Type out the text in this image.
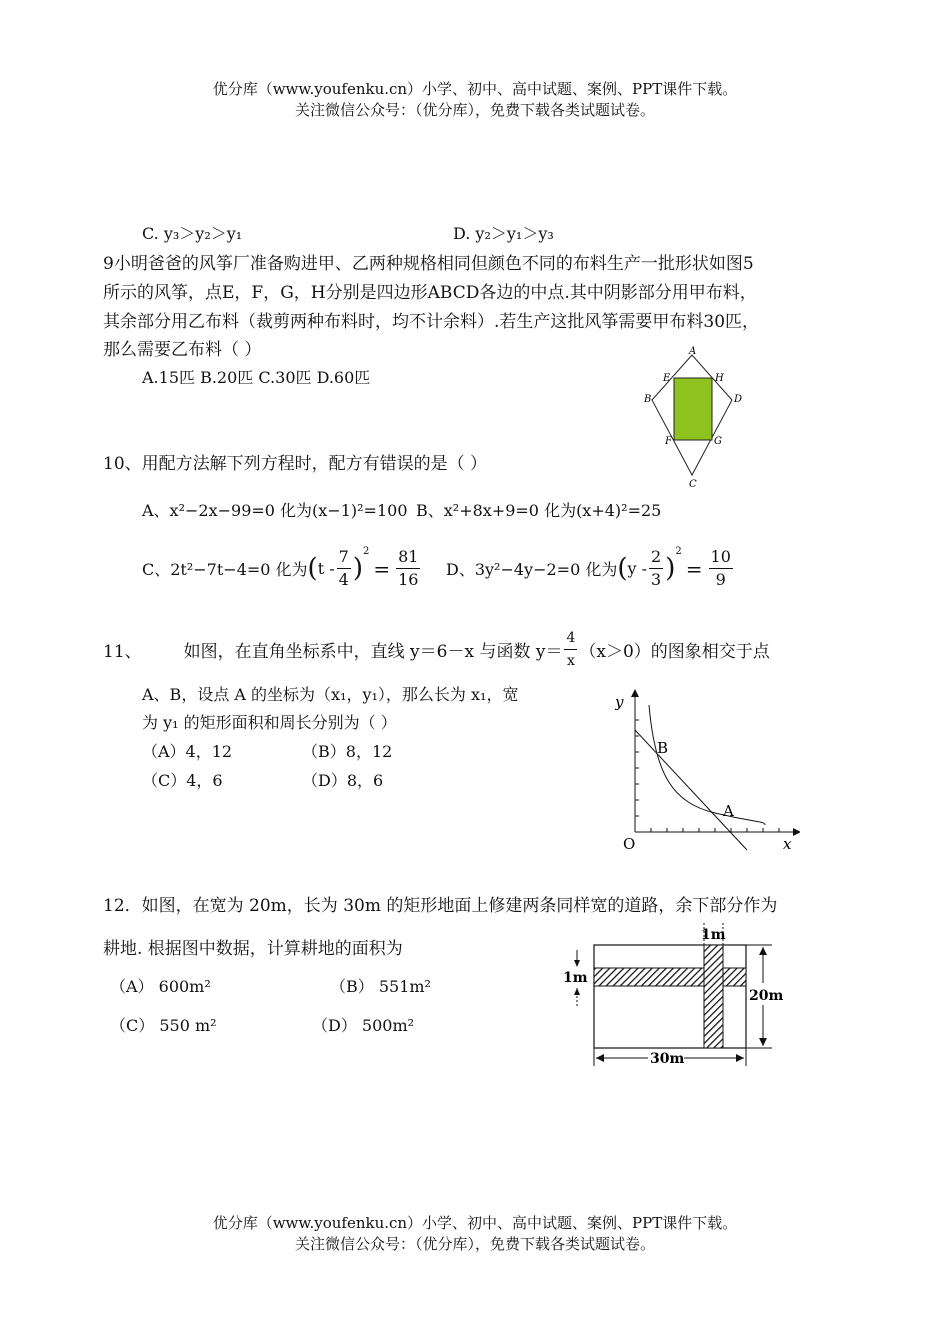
优分库（www.youfenku.cn）小学、初中、高中试题、案例、PPT课件下载。
关注微信公众号：（优分库），免费下载各类试题试卷。
C. y₃＞y₂＞y₁	D. y₂＞y₁＞y₃
9小明爸爸的风筝厂准备购进甲、乙两种规格相同但颜色不同的布料生产一批形状如图5
所示的风筝，点E，F，G，H分别是四边形ABCD各边的中点.其中阴影部分用甲布料，
其余部分用乙布料（裁剪两种布料时，均不计余料）.若生产这批风筝需要甲布料30匹，
那么需要乙布料（ ）
A.15匹 B.20匹 C.30匹 D.60匹
A
E	H
B	D
F	G
C
10、用配方法解下列方程时，配方有错误的是（ ）
A、x²−2x−99=0 化为(x−1)²=100 B、x²+8x+9=0 化为(x+4)²=25
C、2t²−7t−4=0 化为$(t - \frac{7}{4} )^2= \frac{81}{16}$ D、3y²−4y−2=0 化为$(y - \frac{2}{3} )^2= \frac{10}{9}$
11、 如图，在直角坐标系中，直线 y＝6－x 与函数 $y= \frac{4}{x} (x>0)$的图象相交于点
A、B，设点 A 的坐标为（x₁，y₁），那么长为 x₁，宽
为 y₁ 的矩形面积和周长分别为（ ）
（A）4，12	（B）8，12
（C）4，6	（D）8，6
y
x
O
B
A
12．如图，在宽为 20m，长为 30m 的矩形地面上修建两条同样宽的道路，余下部分作为
耕地. 根据图中数据，计算耕地的面积为
（A） 600m²	（B） 551m²
（C） 550 m²	（D） 500m²
1m
1m
20m
30m
优分库（www.youfenku.cn）小学、初中、高中试题、案例、PPT课件下载。
关注微信公众号：（优分库），免费下载各类试题试卷。
